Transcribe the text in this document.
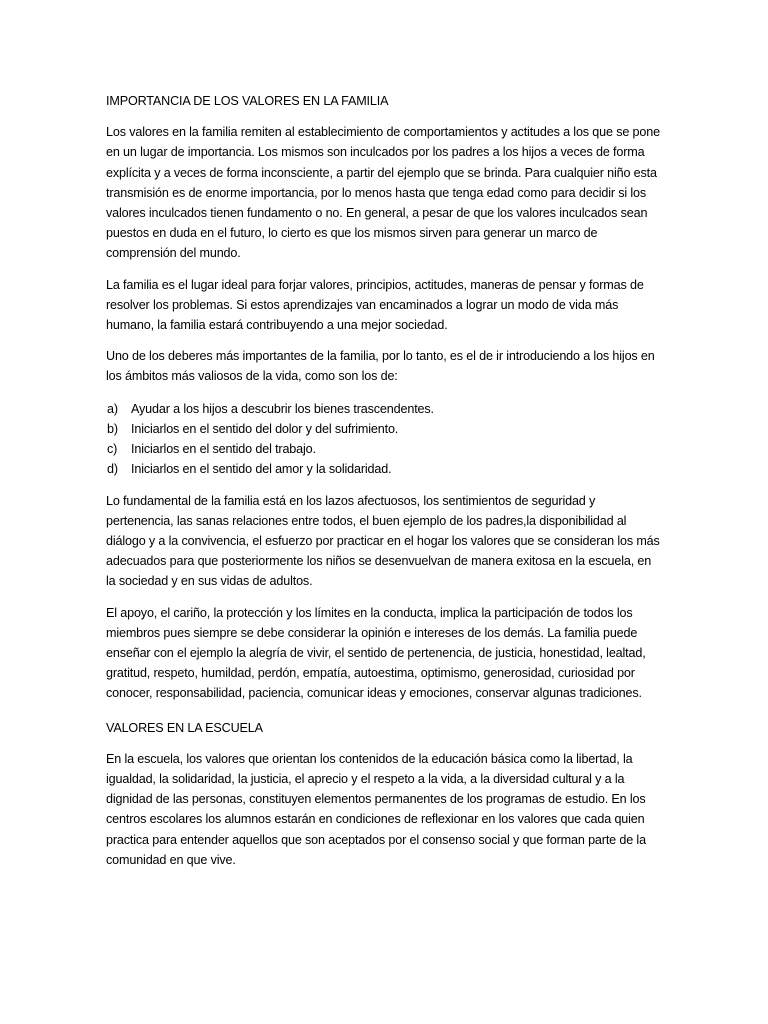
IMPORTANCIA DE LOS VALORES EN LA FAMILIA

Los valores en la familia remiten al establecimiento de comportamientos y actitudes a los que se pone en un lugar de importancia. Los mismos son inculcados por los padres a los hijos a veces de forma explícita y a veces de forma inconsciente, a partir del ejemplo que se brinda. Para cualquier niño esta transmisión es de enorme importancia, por lo menos hasta que tenga edad como para decidir si los valores inculcados tienen fundamento o no. En general, a pesar de que los valores inculcados sean puestos en duda en el futuro, lo cierto es que los mismos sirven para generar un marco de comprensión del mundo.

La familia es el lugar ideal para forjar valores, principios, actitudes, maneras de pensar y formas de resolver los problemas. Si estos aprendizajes van encaminados a lograr un modo de vida más humano, la familia estará contribuyendo a una mejor sociedad.

Uno de los deberes más importantes de la familia, por lo tanto, es el de ir introduciendo a los hijos en los ámbitos más valiosos de la vida, como son los de:

a)	Ayudar a los hijos a descubrir los bienes trascendentes.
b)	Iniciarlos en el sentido del dolor y del sufrimiento.
c)	Iniciarlos en el sentido del trabajo.
d)	Iniciarlos en el sentido del amor y la solidaridad.

Lo fundamental de la familia está en los lazos afectuosos, los sentimientos de seguridad y pertenencia, las sanas relaciones entre todos, el buen ejemplo de los padres,la disponibilidad al diálogo y a la convivencia, el esfuerzo por practicar en el hogar los valores que se consideran los más adecuados para que posteriormente los niños se desenvuelvan de manera exitosa en la escuela, en la sociedad y en sus vidas de adultos.

El apoyo, el cariño, la protección y los límites en la conducta, implica la participación de todos los miembros pues siempre se debe considerar la opinión e intereses de los demás. La familia puede enseñar con el ejemplo la alegría de vivir, el sentido de pertenencia, de justicia, honestidad, lealtad, gratitud, respeto, humildad, perdón, empatía, autoestima, optimismo, generosidad, curiosidad por conocer, responsabilidad, paciencia, comunicar ideas y emociones, conservar algunas tradiciones.

VALORES EN LA ESCUELA

En la escuela, los valores que orientan los contenidos de la educación básica como la libertad, la igualdad, la solidaridad, la justicia, el aprecio y el respeto a la vida, a la diversidad cultural y a la dignidad de las personas, constituyen elementos permanentes de los programas de estudio. En los centros escolares los alumnos estarán en condiciones de reflexionar en los valores que cada quien practica para entender aquellos que son aceptados por el consenso social y que forman parte de la comunidad en que vive.
